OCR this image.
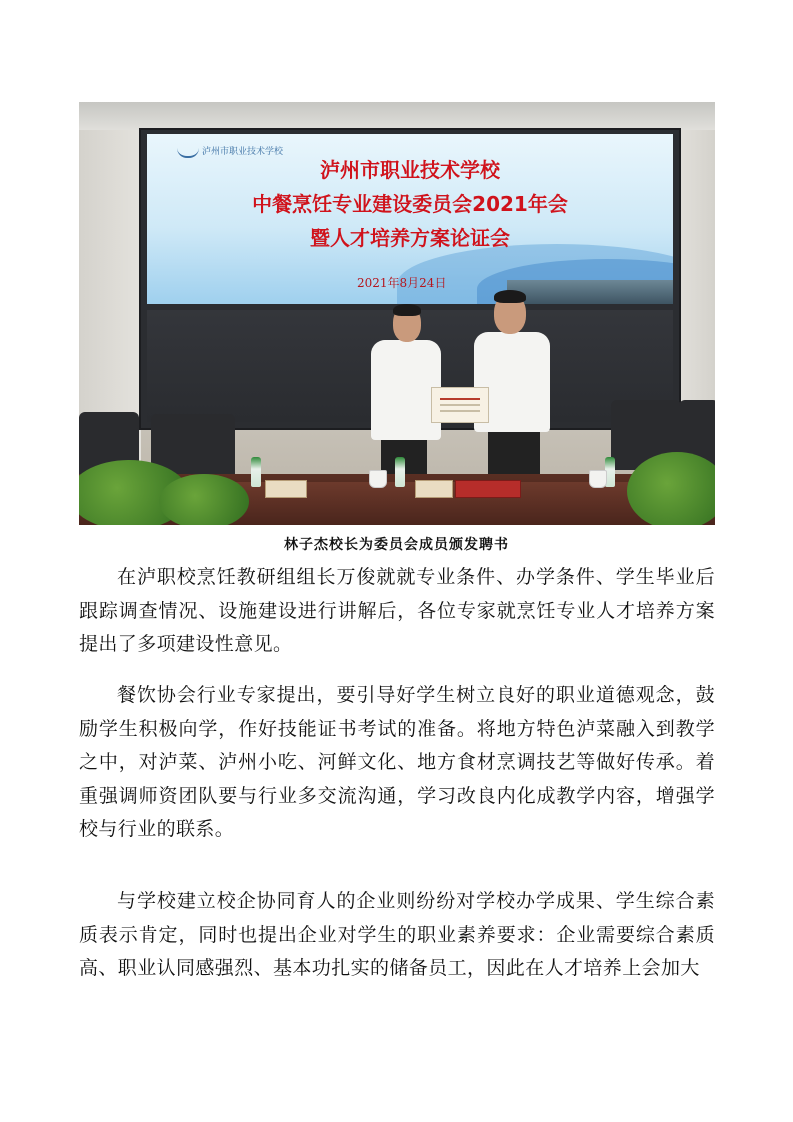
泸州市职业技术学校
泸州市职业技术学校
中餐烹饪专业建设委员会2021年会
暨人才培养方案论证会
2021年8月24日
林子杰校长为委员会成员颁发聘书

在泸职校烹饪教研组组长万俊就就专业条件、办学条件、学生毕业后跟踪调查情况、设施建设进行讲解后，各位专家就烹饪专业人才培养方案提出了多项建设性意见。

餐饮协会行业专家提出，要引导好学生树立良好的职业道德观念，鼓励学生积极向学，作好技能证书考试的准备。将地方特色泸菜融入到教学之中，对泸菜、泸州小吃、河鲜文化、地方食材烹调技艺等做好传承。着重强调师资团队要与行业多交流沟通，学习改良内化成教学内容，增强学校与行业的联系。

与学校建立校企协同育人的企业则纷纷对学校办学成果、学生综合素质表示肯定，同时也提出企业对学生的职业素养要求：企业需要综合素质高、职业认同感强烈、基本功扎实的储备员工，因此在人才培养上会加大
